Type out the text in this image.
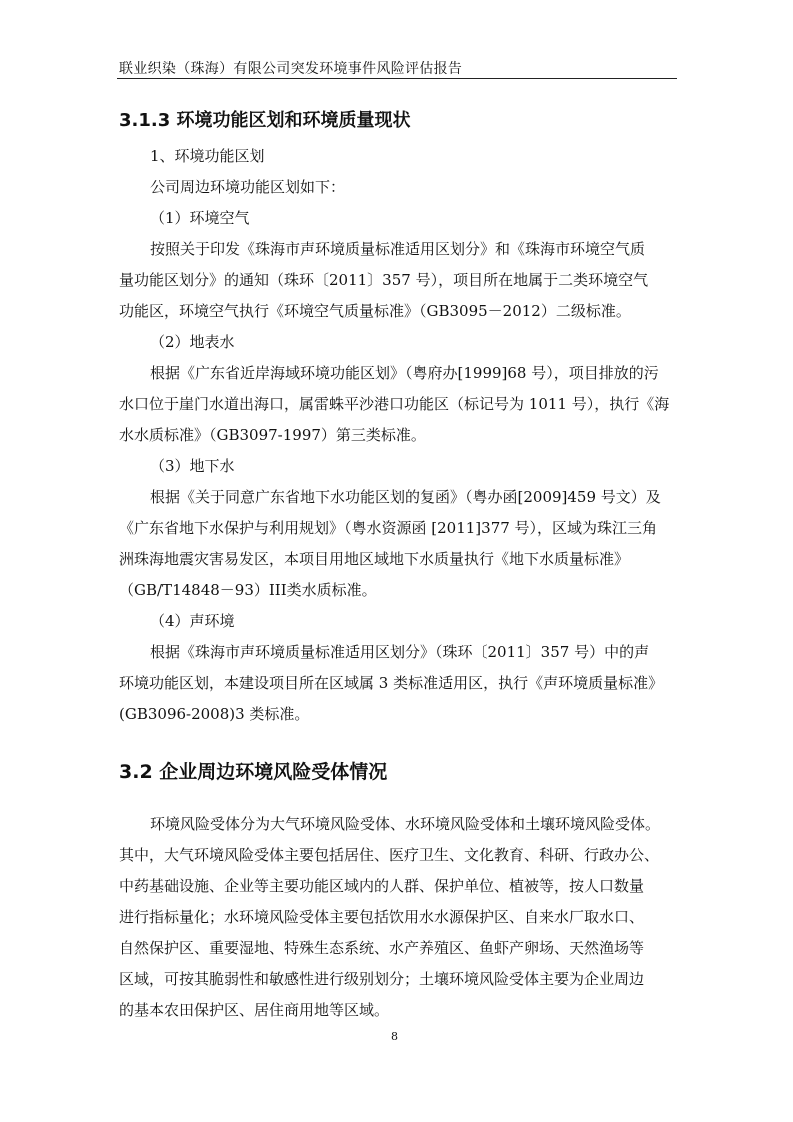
联业织染（珠海）有限公司突发环境事件风险评估报告
3.1.3 环境功能区划和环境质量现状
1、环境功能区划
公司周边环境功能区划如下：
（1）环境空气
按照关于印发《珠海市声环境质量标准适用区划分》和《珠海市环境空气质
量功能区划分》的通知（珠环〔2011〕357 号），项目所在地属于二类环境空气
功能区，环境空气执行《环境空气质量标准》（GB3095－2012）二级标准。
（2）地表水
根据《广东省近岸海域环境功能区划》（粤府办[1999]68 号），项目排放的污
水口位于崖门水道出海口，属雷蛛平沙港口功能区（标记号为 1011 号），执行《海
水水质标准》（GB3097-1997）第三类标准。
（3）地下水
根据《关于同意广东省地下水功能区划的复函》（粤办函[2009]459 号文）及
《广东省地下水保护与利用规划》（粤水资源函 [2011]377 号），区域为珠江三角
洲珠海地震灾害易发区，本项目用地区域地下水质量执行《地下水质量标准》
（GB/T14848－93）III类水质标准。
（4）声环境
根据《珠海市声环境质量标准适用区划分》（珠环〔2011〕357 号）中的声
环境功能区划，本建设项目所在区域属 3 类标准适用区，执行《声环境质量标准》
(GB3096-2008)3 类标准。
3.2 企业周边环境风险受体情况
环境风险受体分为大气环境风险受体、水环境风险受体和土壤环境风险受体。
其中，大气环境风险受体主要包括居住、医疗卫生、文化教育、科研、行政办公、
中药基础设施、企业等主要功能区域内的人群、保护单位、植被等，按人口数量
进行指标量化；水环境风险受体主要包括饮用水水源保护区、自来水厂取水口、
自然保护区、重要湿地、特殊生态系统、水产养殖区、鱼虾产卵场、天然渔场等
区域，可按其脆弱性和敏感性进行级别划分；土壤环境风险受体主要为企业周边
的基本农田保护区、居住商用地等区域。
8
